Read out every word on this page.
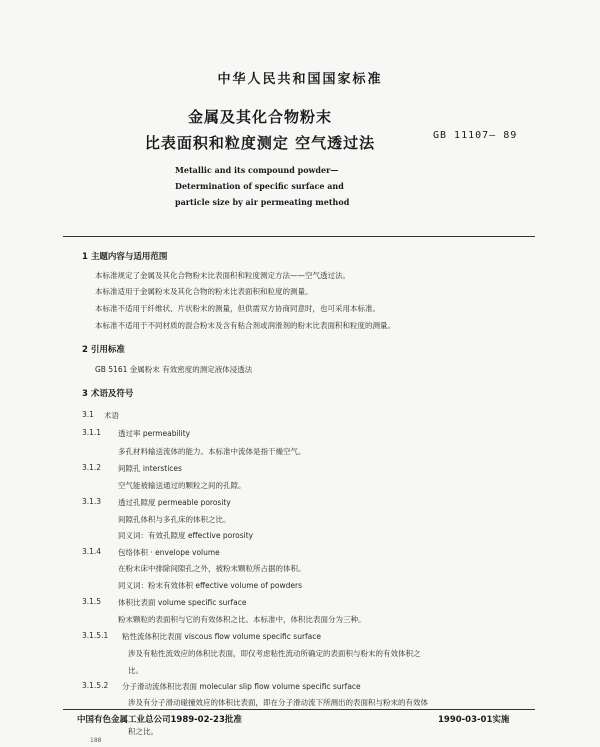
中华人民共和国国家标准
金属及其化合物粉末
比表面积和粒度测定 空气透过法	GB 11107— 89
Metallic and its compound powder—
Determination of specific surface and
particle size by air permeating method
1 主题内容与适用范围
本标准规定了金属及其化合物粉末比表面积和粒度测定方法——空气透过法。
本标准适用于金属粉末及其化合物的粉末比表面积和粒度的测量。
本标准不适用于纤维状、片状粉末的测量，但供需双方协商同意时，也可采用本标准。
本标准不适用于不同材质的混合粉末及含有粘合剂或润滑剂的粉末比表面积和粒度的测量。
2 引用标准
GB 5161 金属粉末 有效密度的测定液体浸透法
3 术语及符号
3.1 术语
3.1.1 透过率 permeability
多孔材料输送流体的能力。本标准中流体是指干燥空气。
3.1.2 间隙孔 interstices
空气能被输送通过的颗粒之间的孔隙。
3.1.3 透过孔隙度 permeable porosity
间隙孔体积与多孔床的体积之比。
同义词：有效孔隙度 effective porosity
3.1.4 包络体积 · envelope volume
在粉末床中排除间隙孔之外，被粉末颗粒所占据的体积。
同义词：粉末有效体积 effective volume of powders
3.1.5 体积比表面 volume specific surface
粉末颗粒的表面积与它的有效体积之比。本标准中，体积比表面分为三种。
3.1.5.1 粘性流体积比表面 viscous flow volume specific surface
涉及有粘性流效应的体积比表面，即仅考虑粘性流动所确定的表面积与粉末的有效体积之
比。
3.1.5.2 分子滑动流体积比表面 molecular slip flow volume specific surface
涉及有分子滑动碰撞效应的体积比表面，即在分子滑动流下所测出的表面积与粉末的有效体
中国有色金属工业总公司1989-02-23批准	1990-03-01实施
188
积之比。
